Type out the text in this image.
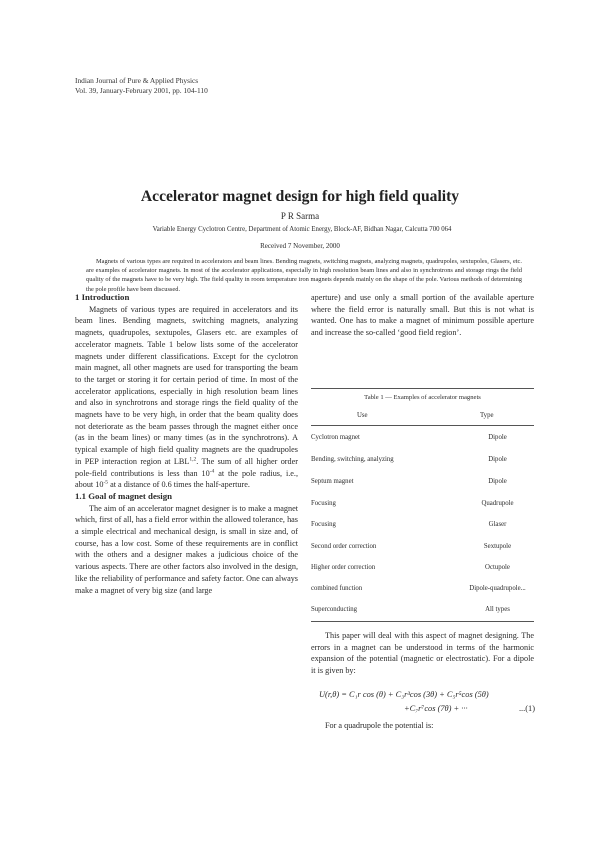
Indian Journal of Pure & Applied Physics
Vol. 39, January-February 2001, pp. 104-110
Accelerator magnet design for high field quality
P R Sarma
Variable Energy Cyclotron Centre, Department of Atomic Energy, Block-AF, Bidhan Nagar, Calcutta 700 064
Received 7 November, 2000
Magnets of various types are required in accelerators and beam lines. Bending magnets, switching magnets, analyzing magnets, quadrupoles, sextupoles, Glasers, etc. are examples of accelerator magnets. In most of the accelerator applications, especially in high resolution beam lines and also in synchrotrons and storage rings the field quality of the magnets have to be very high. The field quality in room temperature iron magnets depends mainly on the shape of the pole. Various methods of determining the pole profile have been discussed.

1 Introduction

Magnets of various types are required in accelerators and its beam lines. Bending magnets, switching magnets, analyzing magnets, quadrupoles, sextupoles, Glasers etc. are examples of accelerator magnets. Table 1 below lists some of the accelerator magnets under different classifications. Except for the cyclotron main magnet, all other magnets are used for transporting the beam to the target or storing it for certain period of time. In most of the accelerator applications, especially in high resolution beam lines and also in synchrotrons and storage rings the field quality of the magnets have to be very high, in order that the beam quality does not deteriorate as the beam passes through the magnet either once (as in the beam lines) or many times (as in the synchrotrons). A typical example of high field quality magnets are the quadrupoles in PEP interaction region at LBL$^{1,2}$. The sum of all higher order pole-field contributions is less than $10^{-4}$ at the pole radius, i.e., about $10^{-5}$ at a distance of 0.6 times the half-aperture.

1.1 Goal of magnet design

The aim of an accelerator magnet designer is to make a magnet which, first of all, has a field error within the allowed tolerance, has a simple electrical and mechanical design, is small in size and, of course, has a low cost. Some of these requirements are in conflict with the others and a designer makes a judicious choice of the various aspects. There are other factors also involved in the design, like the reliability of performance and safety factor. One can always make a magnet of very big size (and large

aperture) and use only a small portion of the available aperture where the field error is naturally small. But this is not what is wanted. One has to make a magnet of minimum possible aperture and increase the so-called ‘good field region’.

Table 1 — Examples of accelerator magnets
Use	Type
Cyclotron magnet	Dipole
Bending, switching, analyzing	Dipole
Septum magnet	Dipole
Focusing	Quadrupole
Focusing	Glaser
Second order correction	Sextupole
Higher order correction	Octupole
combined function	Dipole-quadrupole...
Superconducting	All types

This paper will deal with this aspect of magnet designing. The errors in a magnet can be understood in terms of the harmonic expansion of the potential (magnetic or electrostatic). For a dipole it is given by:

U(r,θ) = C₁r cos (θ) + C₃r³cos (3θ) + C₅r⁵cos (5θ)
+C₇r⁷cos (7θ) + ···	...(1)

For a quadrupole the potential is:
